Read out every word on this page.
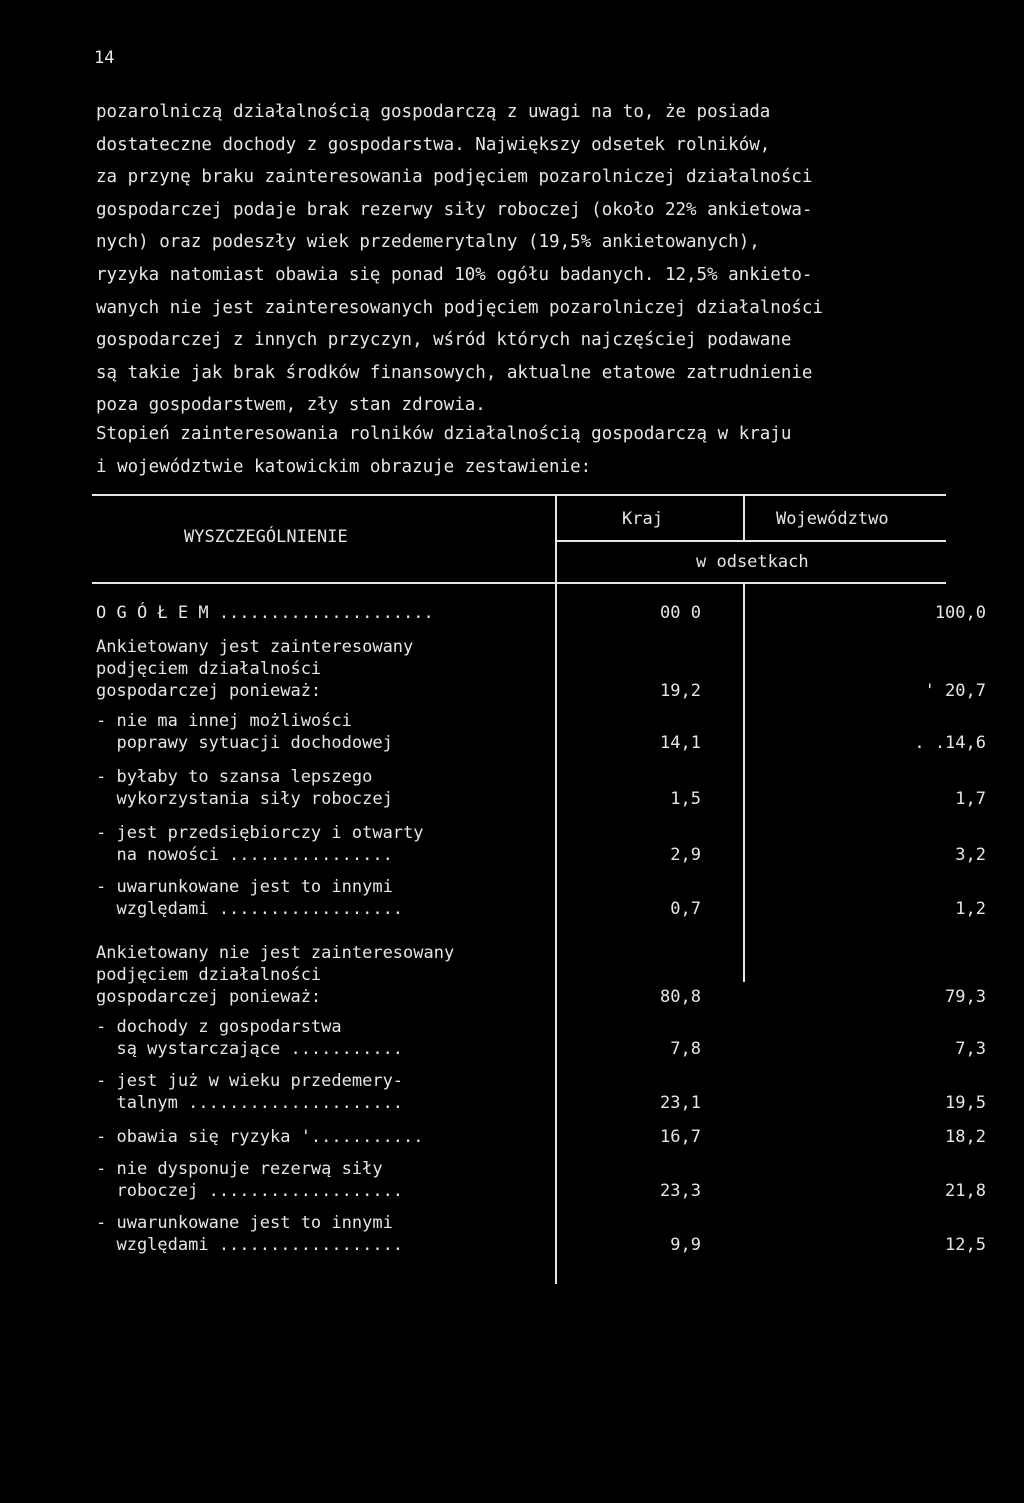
14

pozarolniczą działalnością gospodarczą z uwagi na to, że posiada
dostateczne dochody z gospodarstwa. Największy odsetek rolników,
za przynę braku zainteresowania podjęciem pozarolniczej działalności
gospodarczej podaje brak rezerwy siły roboczej (około 22% ankietowa-
nych) oraz podeszły wiek przedemerytalny (19,5% ankietowanych),
ryzyka natomiast obawia się ponad 10% ogółu badanych. 12,5% ankieto-
wanych nie jest zainteresowanych podjęciem pozarolniczej działalności
gospodarczej z innych przyczyn, wśród których najczęściej podawane
są takie jak brak środków finansowych, aktualne etatowe zatrudnienie
poza gospodarstwem, zły stan zdrowia.

Stopień zainteresowania rolników działalnością gospodarczą w kraju
i województwie katowickim obrazuje zestawienie:

WYSZCZEGÓLNIENIE
Kraj	Województwo
w odsetkach
O G Ó Ł E M .....................	00 0	100,0
Ankietowany jest zainteresowany
podjęciem działalności
gospodarczej ponieważ:	19,2	' 20,7
- nie ma innej możliwości
poprawy sytuacji dochodowej	14,1	. .14,6
- byłaby to szansa lepszego
wykorzystania siły roboczej	1,5	1,7
- jest przedsiębiorczy i otwarty
na nowości ................	2,9	3,2
- uwarunkowane jest to innymi
względami ..................	0,7	1,2
Ankietowany nie jest zainteresowany
podjęciem działalności
gospodarczej ponieważ:	80,8	79,3
- dochody z gospodarstwa
są wystarczające ...........	7,8	7,3
- jest już w wieku przedemery-
talnym .....................	23,1	19,5
- obawia się ryzyka '...........	16,7	18,2
- nie dysponuje rezerwą siły
roboczej ...................	23,3	21,8
- uwarunkowane jest to innymi
względami ..................	9,9	12,5
